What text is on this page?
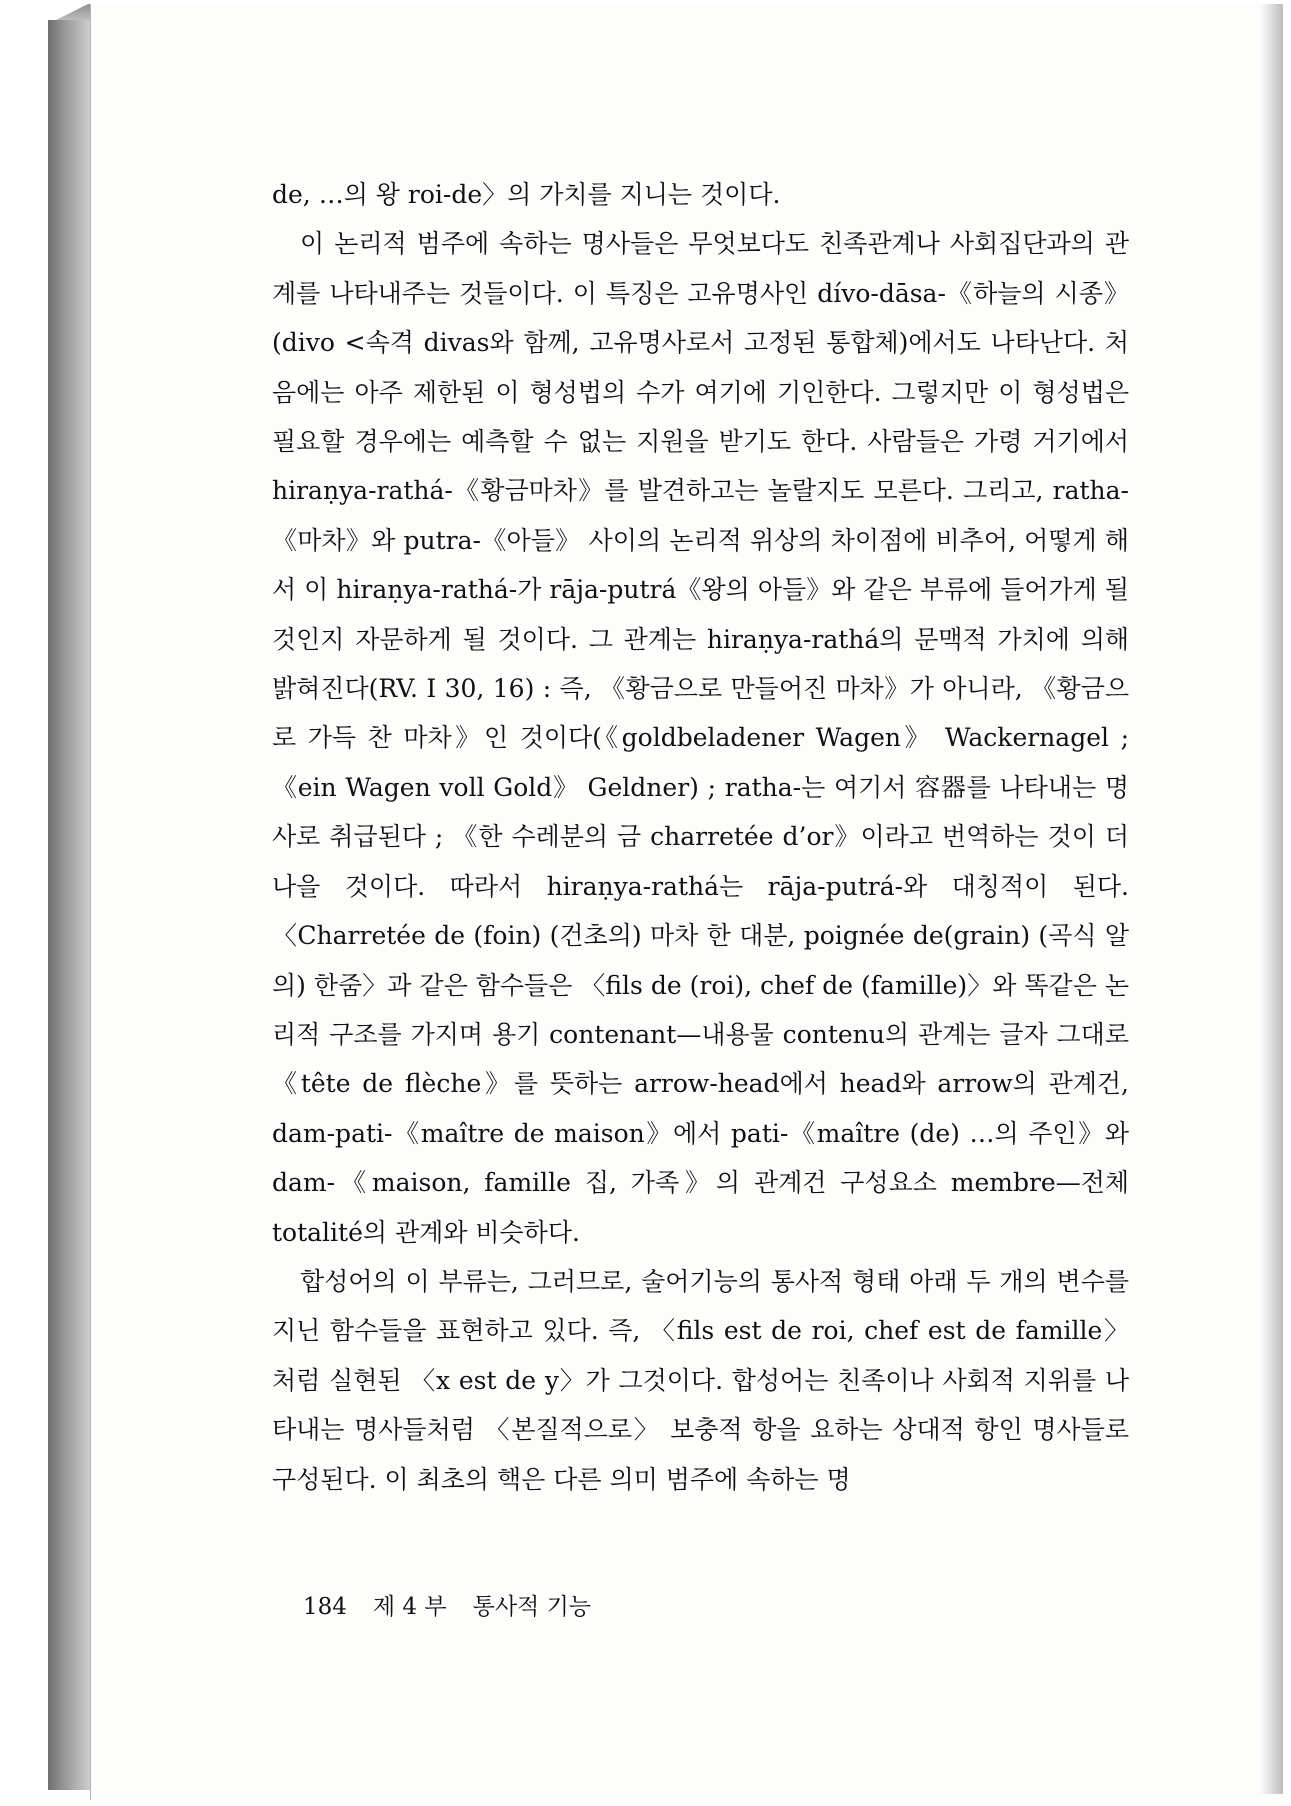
de, …의 왕 roi-de〉의 가치를 지니는 것이다.

이 논리적 범주에 속하는 명사들은 무엇보다도 친족관계나 사회집단과의 관계를 나타내주는 것들이다. 이 특징은 고유명사인 dívo-dāsa-《하늘의 시종》(divo <속격 divas와 함께, 고유명사로서 고정된 통합체)에서도 나타난다. 처음에는 아주 제한된 이 형성법의 수가 여기에 기인한다. 그렇지만 이 형성법은 필요할 경우에는 예측할 수 없는 지원을 받기도 한다. 사람들은 가령 거기에서 hiraṇya-rathá-《황금마차》를 발견하고는 놀랄지도 모른다. 그리고, ratha-《마차》와 putra-《아들》 사이의 논리적 위상의 차이점에 비추어, 어떻게 해서 이 hiraṇya-rathá-가 rāja-putrá《왕의 아들》와 같은 부류에 들어가게 될 것인지 자문하게 될 것이다. 그 관계는 hiraṇya-rathá의 문맥적 가치에 의해 밝혀진다(RV. I 30, 16) : 즉, 《황금으로 만들어진 마차》가 아니라, 《황금으로 가득 찬 마차》인 것이다(《goldbeladener Wagen》 Wackernagel ; 《ein Wagen voll Gold》 Geldner) ; ratha-는 여기서 容器를 나타내는 명사로 취급된다 ; 《한 수레분의 금 charretée d’or》이라고 번역하는 것이 더 나을 것이다. 따라서 hiraṇya-rathá는 rāja-putrá-와 대칭적이 된다. 〈Charretée de (foin) (건초의) 마차 한 대분, poignée de(grain) (곡식 알의) 한줌〉과 같은 함수들은 〈fils de (roi), chef de (famille)〉와 똑같은 논리적 구조를 가지며 용기 contenant—내용물 contenu의 관계는 글자 그대로 《tête de flèche》를 뜻하는 arrow-head에서 head와 arrow의 관계건, dam-pati-《maître de maison》에서 pati-《maître (de) …의 주인》와 dam-《maison, famille 집, 가족》의 관계건 구성요소 membre—전체 totalité의 관계와 비슷하다.

합성어의 이 부류는, 그러므로, 술어기능의 통사적 형태 아래 두 개의 변수를 지닌 함수들을 표현하고 있다. 즉, 〈fils est de roi, chef est de famille〉처럼 실현된 〈x est de y〉가 그것이다. 합성어는 친족이나 사회적 지위를 나타내는 명사들처럼 〈본질적으로〉 보충적 항을 요하는 상대적 항인 명사들로 구성된다. 이 최초의 핵은 다른 의미 범주에 속하는 명

184 제 4 부 통사적 기능
